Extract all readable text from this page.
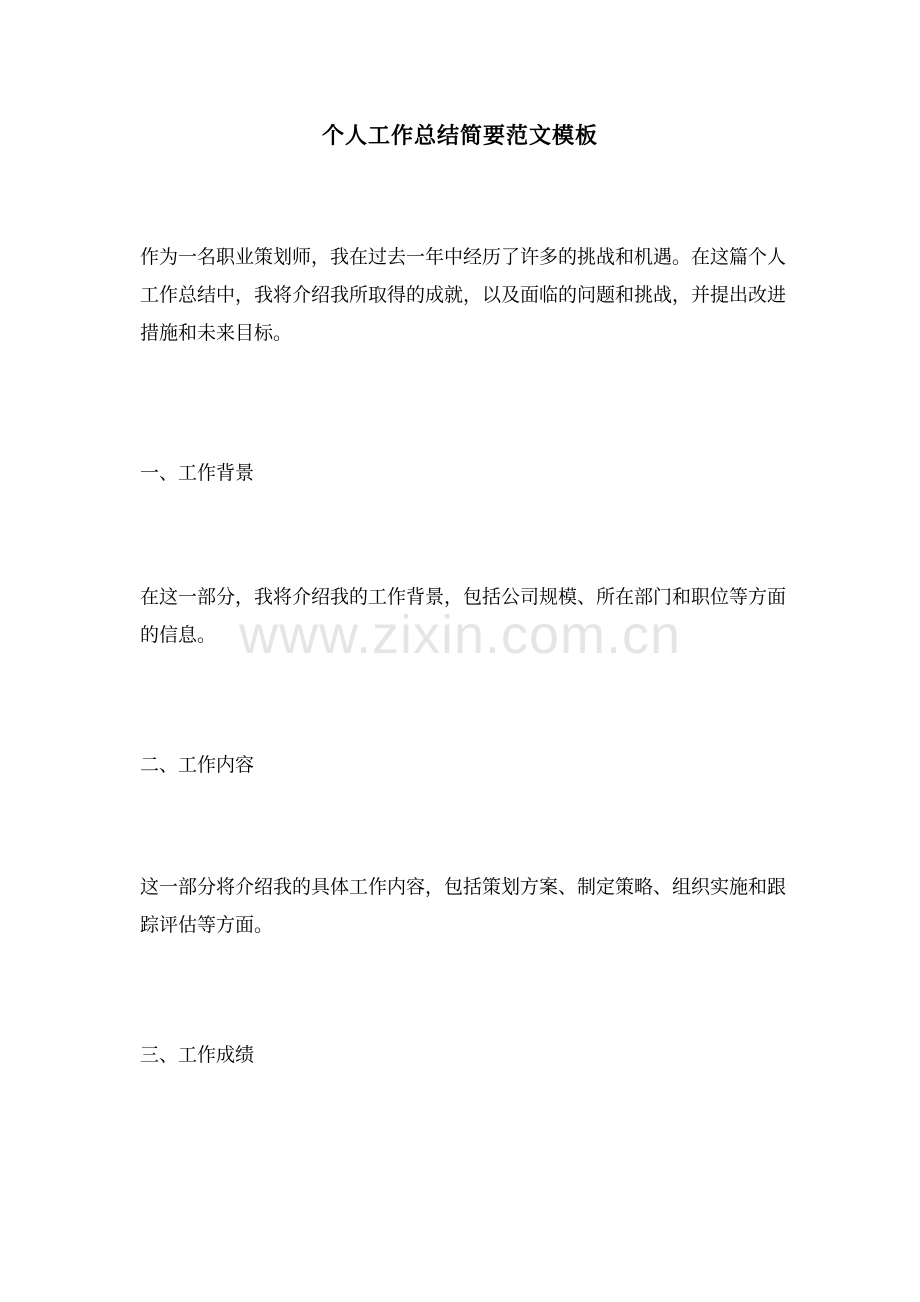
个人工作总结简要范文模板

作为一名职业策划师，我在过去一年中经历了许多的挑战和机遇。在这篇个人工作总结中，我将介绍我所取得的成就，以及面临的问题和挑战，并提出改进措施和未来目标。

一、工作背景

在这一部分，我将介绍我的工作背景，包括公司规模、所在部门和职位等方面的信息。

二、工作内容

这一部分将介绍我的具体工作内容，包括策划方案、制定策略、组织实施和跟踪评估等方面。

三、工作成绩

www.zixin.com.cn
